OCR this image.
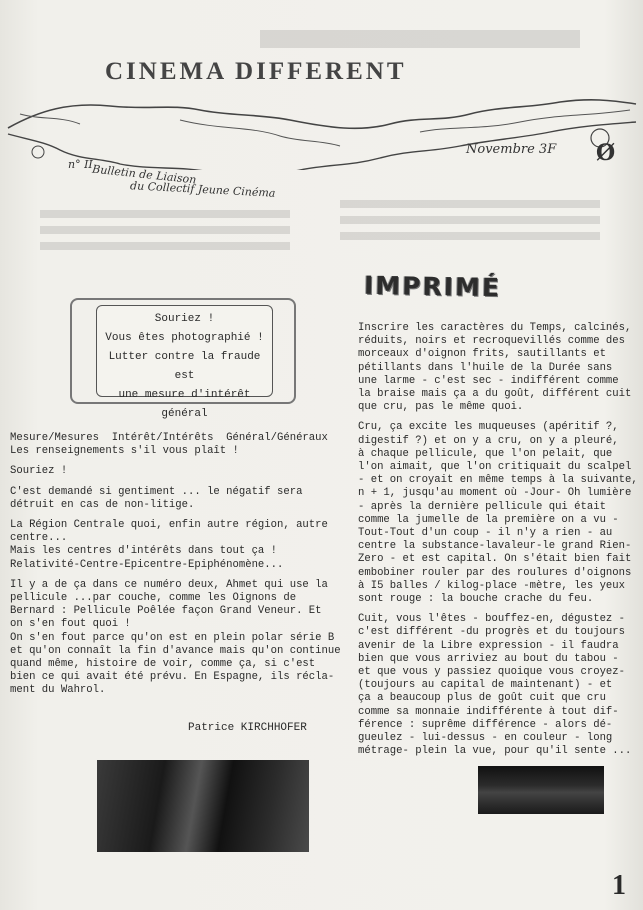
CINEMA DIFFERENT
n° II
Bulletin de Liaison
du Collectif Jeune Cinéma
Novembre 3F Ø
IMPRIMÉ

Souriez !

Vous êtes photographié !

Lutter contre la fraude est

une mesure d'intérêt général

Mesure/Mesures  Intérêt/Intérêts  Général/Généraux
Les renseignements s'il vous plaît !

Souriez !

C'est demandé si gentiment ... le négatif sera
détruit en cas de non-litige.

La Région Centrale quoi, enfin autre région, autre
centre...
Mais les centres d'intérêts dans tout ça !
Relativité-Centre-Epicentre-Epiphénomène...

Il y a de ça dans ce numéro deux, Ahmet qui use la
pellicule ...par couche, comme les Oignons de
Bernard : Pellicule Poêlée façon Grand Veneur. Et
on s'en fout quoi !
On s'en fout parce qu'on est en plein polar série B
et qu'on connaît la fin d'avance mais qu'on continue
quand même, histoire de voir, comme ça, si c'est
bien ce qui avait été prévu. En Espagne, ils récla-
ment du Wahrol.

Patrice KIRCHHOFER

Inscrire les caractères du Temps, calcinés,
réduits, noirs et recroquevillés comme des
morceaux d'oignon frits, sautillants et
pétillants dans l'huile de la Durée sans
une larme - c'est sec - indifférent comme
la braise mais ça a du goût, différent cuit
que cru, pas le même quoi.

Cru, ça excite les muqueuses (apéritif ?,
digestif ?) et on y a cru, on y a pleuré,
à chaque pellicule, que l'on pelait, que
l'on aimait, que l'on critiquait du scalpel
- et on croyait en même temps à la suivante,
n + 1, jusqu'au moment où -Jour- Oh lumière
- après la dernière pellicule qui était
comme la jumelle de la première on a vu -
Tout-Tout d'un coup - il n'y a rien - au
centre la substance-lavaleur-le grand Rien-
Zero - et est capital. On s'était bien fait
embobiner rouler par des roulures d'oignons
à I5 balles / kilog-place -mètre, les yeux
sont rouge : la bouche crache du feu.

Cuit, vous l'êtes - bouffez-en, dégustez -
c'est différent -du progrès et du toujours
avenir de la Libre expression - il faudra
bien que vous arriviez au bout du tabou -
et que vous y passiez quoique vous croyez-
(toujours au capital de maintenant) - et
ça a beaucoup plus de goût cuit que cru
comme sa monnaie indifférente à tout dif-
férence : suprême différence - alors dé-
gueulez - lui-dessus - en couleur - long
métrage- plein la vue, pour qu'il sente ...

1
